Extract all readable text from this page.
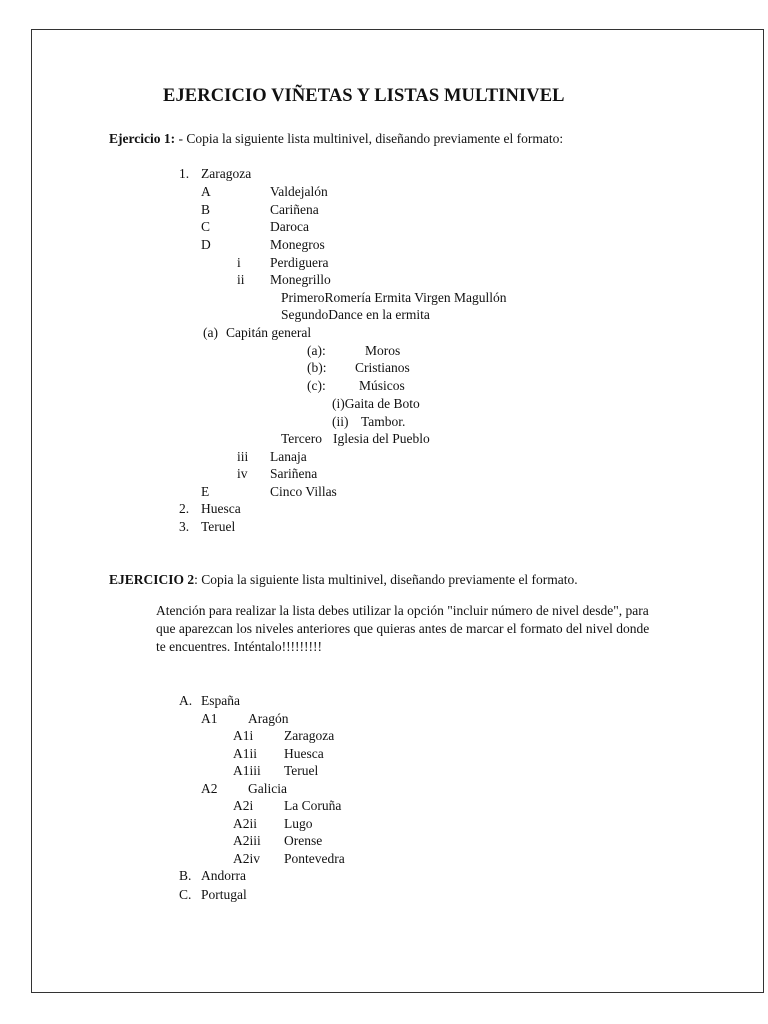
EJERCICIO VIÑETAS Y LISTAS MULTINIVEL
Ejercicio 1: - Copia la siguiente lista multinivel, diseñando previamente el formato:
1. Zaragoza
A	Valdejalón
B	Cariñena
C	Daroca
D	Monegros
i Perdiguera
ii Monegrillo
PrimeroRomería Ermita Virgen Magullón
SegundoDance en la ermita
(a) Capitán general
(a):	Moros
(b): Cristianos
(c): Músicos
(i)Gaita de Boto
(ii) Tambor.
Tercero Iglesia del Pueblo
iii Lanaja
iv Sariñena
E	Cinco Villas
2. Huesca
3. Teruel
EJERCICIO 2: Copia la siguiente lista multinivel, diseñando previamente el formato.
Atención para realizar la lista debes utilizar la opción "incluir número de nivel desde", para que aparezcan los niveles anteriores que quieras antes de marcar el formato del nivel donde te encuentres. Inténtalo!!!!!!!!!
A. España
A1 Aragón
A1i Zaragoza
A1ii Huesca
A1iii Teruel
A2 Galicia
A2i La Coruña
A2ii Lugo
A2iii Orense
A2iv Pontevedra
B. Andorra
C. Portugal
